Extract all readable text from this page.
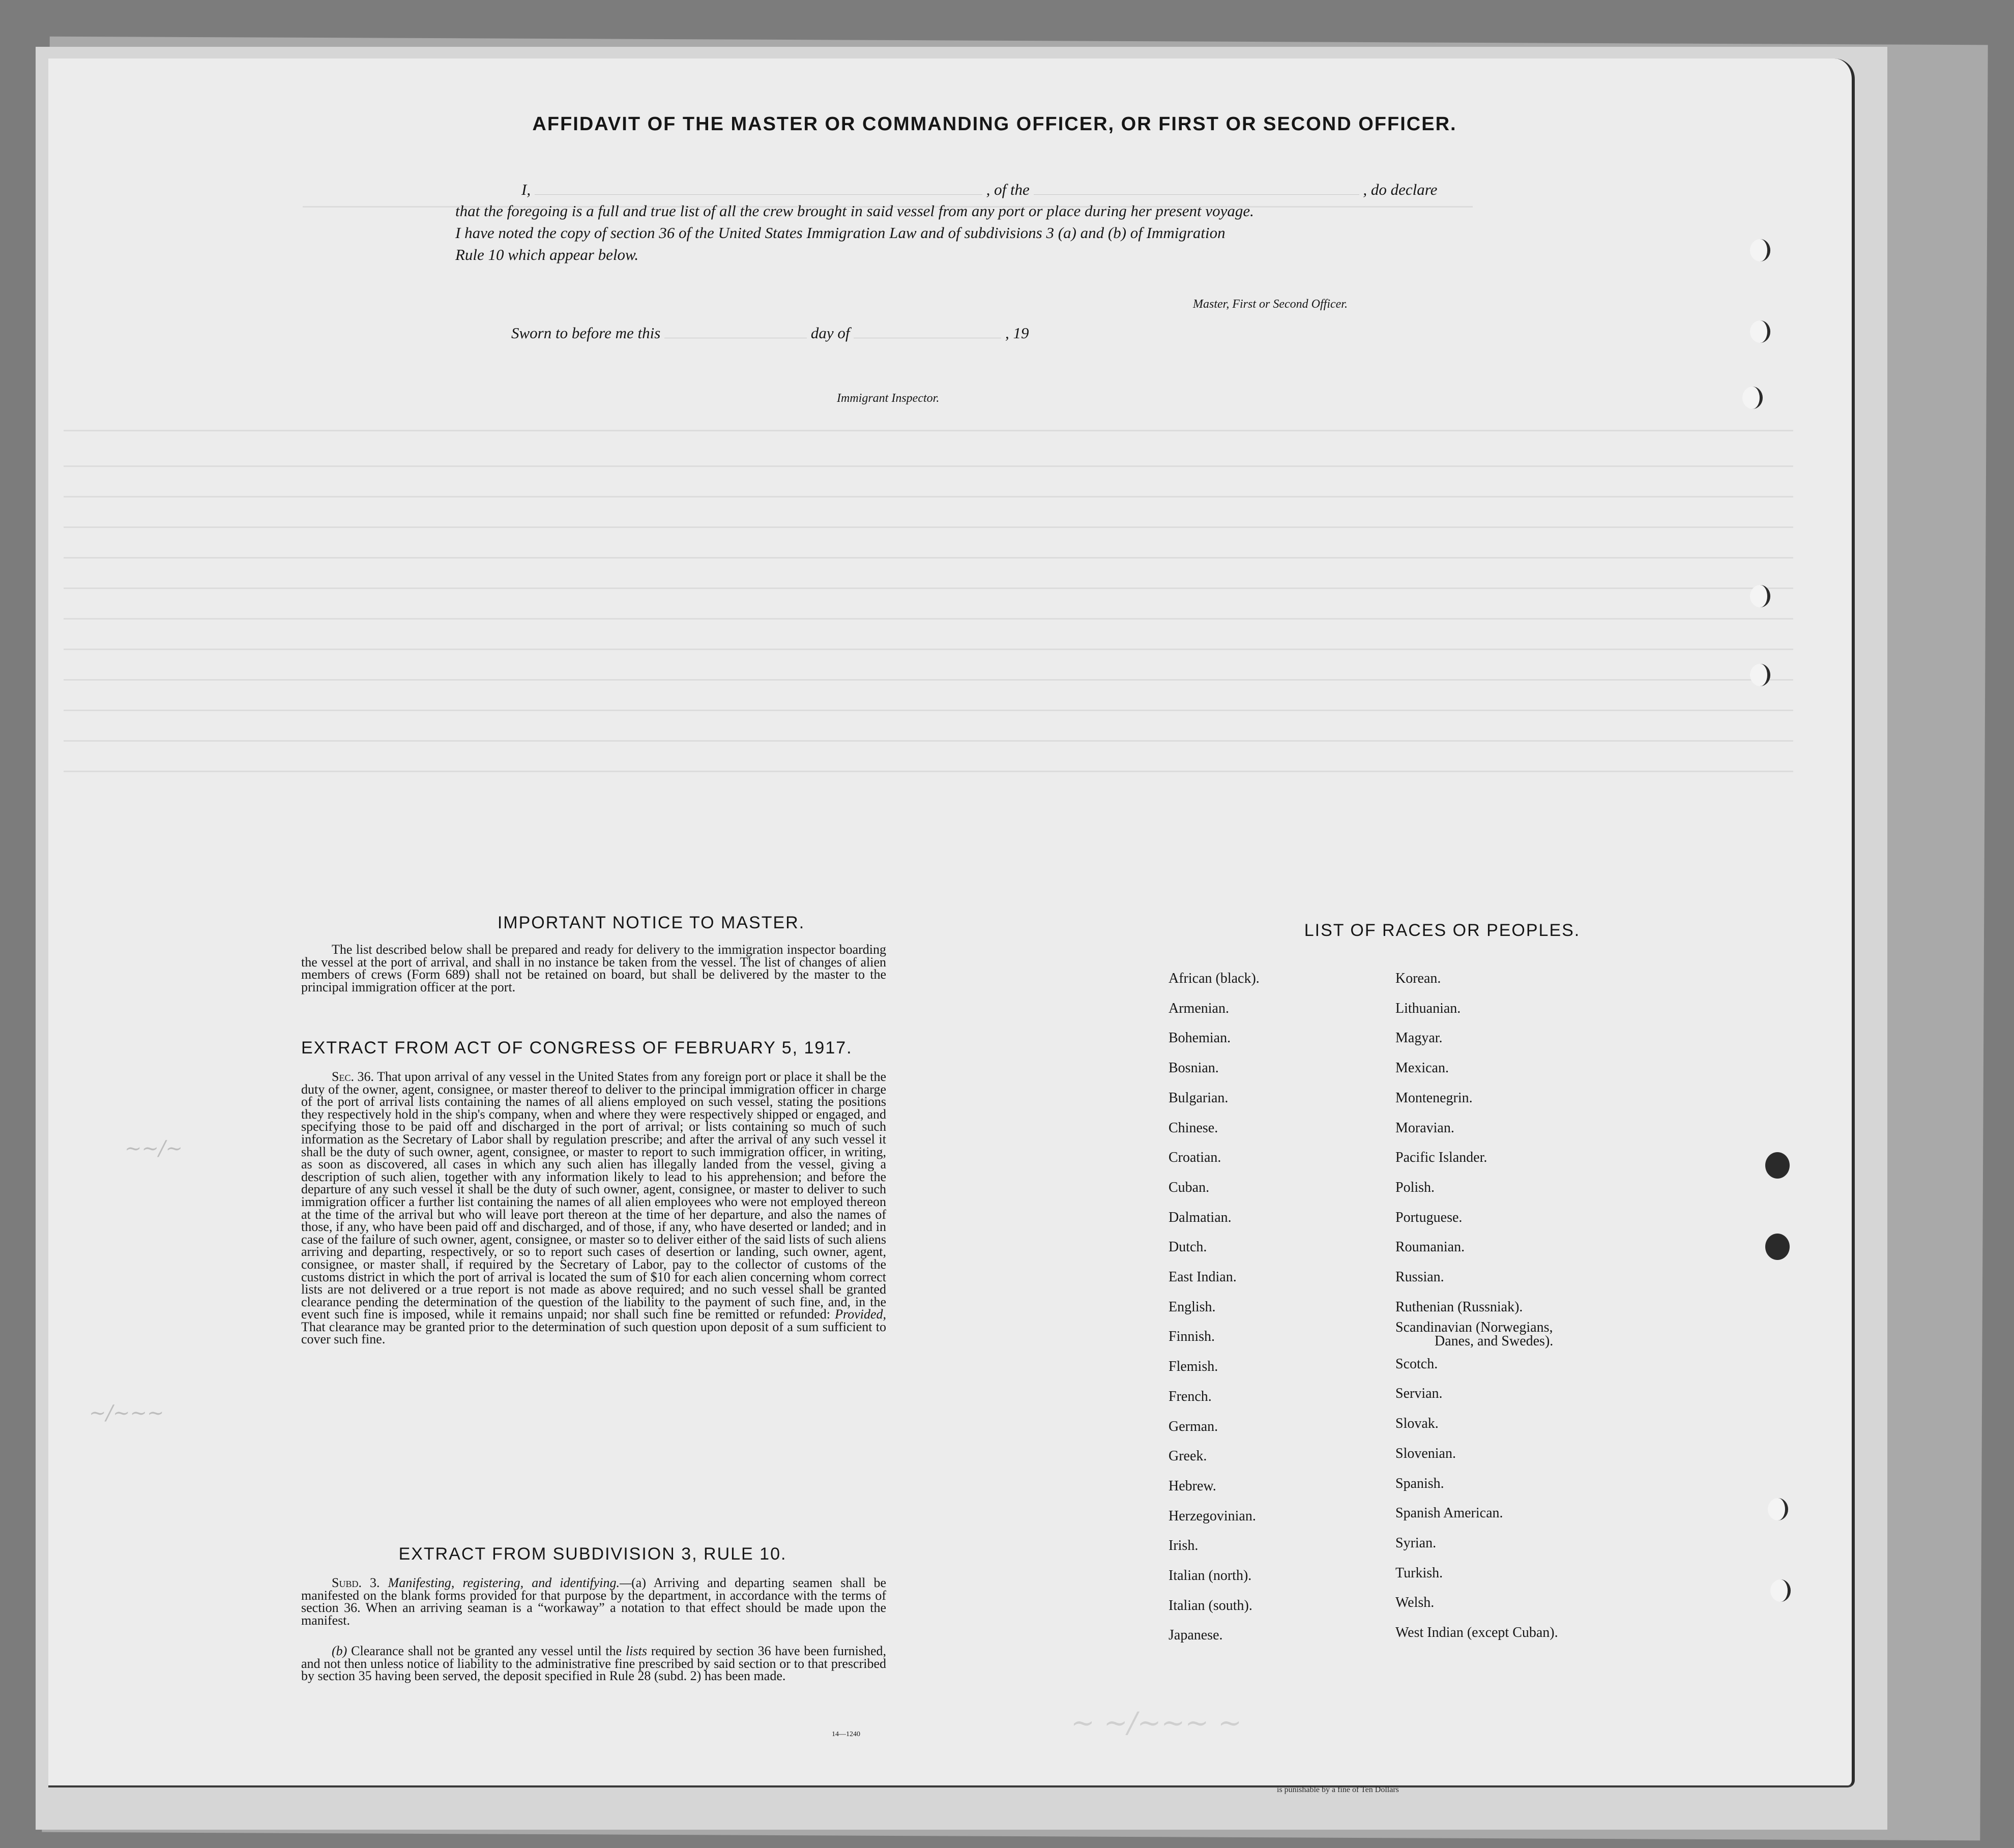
AFFIDAVIT OF THE MASTER OR COMMANDING OFFICER, OR FIRST OR SECOND OFFICER.
I,	, of the	, do declare
that the foregoing is a full and true list of all the crew brought in said vessel from any port or place during her present voyage.
I have noted the copy of section 36 of the United States Immigration Law and of subdivisions 3 (a) and (b) of Immigration
Rule 10 which appear below.
Master, First or Second Officer.
Sworn to before me this	day of	, 19
Immigrant Inspector.
IMPORTANT NOTICE TO MASTER.
The list described below shall be prepared and ready for delivery to the immigration inspector boarding the vessel at the port of arrival, and shall in no instance be taken from the vessel. The list of changes of alien members of crews (Form 689) shall not be retained on board, but shall be delivered by the master to the principal immigration officer at the port.
EXTRACT FROM ACT OF CONGRESS OF FEBRUARY 5, 1917.
Sec. 36. That upon arrival of any vessel in the United States from any foreign port or place it shall be the duty of the owner, agent, consignee, or master thereof to deliver to the principal immigration officer in charge of the port of arrival lists containing the names of all aliens employed on such vessel, stating the positions they respectively hold in the ship's company, when and where they were respectively shipped or engaged, and specifying those to be paid off and discharged in the port of arrival; or lists containing so much of such information as the Secretary of Labor shall by regulation prescribe; and after the arrival of any such vessel it shall be the duty of such owner, agent, consignee, or master to report to such immigration officer, in writing, as soon as discovered, all cases in which any such alien has illegally landed from the vessel, giving a description of such alien, together with any information likely to lead to his apprehension; and before the departure of any such vessel it shall be the duty of such owner, agent, consignee, or master to deliver to such immigration officer a further list containing the names of all alien employees who were not employed thereon at the time of the arrival but who will leave port thereon at the time of her departure, and also the names of those, if any, who have been paid off and discharged, and of those, if any, who have deserted or landed; and in case of the failure of such owner, agent, consignee, or master so to deliver either of the said lists of such aliens arriving and departing, respectively, or so to report such cases of desertion or landing, such owner, agent, consignee, or master shall, if required by the Secretary of Labor, pay to the collector of customs of the customs district in which the port of arrival is located the sum of $10 for each alien concerning whom correct lists are not delivered or a true report is not made as above required; and no such vessel shall be granted clearance pending the determination of the question of the liability to the payment of such fine, and, in the event such fine is imposed, while it remains unpaid; nor shall such fine be remitted or refunded: Provided, That clearance may be granted prior to the determination of such question upon deposit of a sum sufficient to cover such fine.
EXTRACT FROM SUBDIVISION 3, RULE 10.
Subd. 3. Manifesting, registering, and identifying.—(a) Arriving and departing seamen shall be manifested on the blank forms provided for that purpose by the department, in accordance with the terms of section 36. When an arriving seaman is a “workaway” a notation to that effect should be made upon the manifest.
(b) Clearance shall not be granted any vessel until the lists required by section 36 have been furnished, and not then unless notice of liability to the administrative fine prescribed by said section or to that prescribed by section 35 having been served, the deposit specified in Rule 28 (subd. 2) has been made.
14—1240
LIST OF RACES OR PEOPLES.
~~/~
~/~~~
~ ~/~~~ ~
African (black).
Armenian.
Bohemian.
Bosnian.
Bulgarian.
Chinese.
Croatian.
Cuban.
Dalmatian.
Dutch.
East Indian.
English.
Finnish.
Flemish.
French.
German.
Greek.
Hebrew.
Herzegovinian.
Irish.
Italian (north).
Italian (south).
Japanese.
Korean.
Lithuanian.
Magyar.
Mexican.
Montenegrin.
Moravian.
Pacific Islander.
Polish.
Portuguese.
Roumanian.
Russian.
Ruthenian (Russniak).
Scandinavian (Norwegians,
Danes, and Swedes).
Scotch.
Servian.
Slovak.
Slovenian.
Spanish.
Spanish American.
Syrian.
Turkish.
Welsh.
West Indian (except Cuban).
is punishable by a fine of Ten Dollars
